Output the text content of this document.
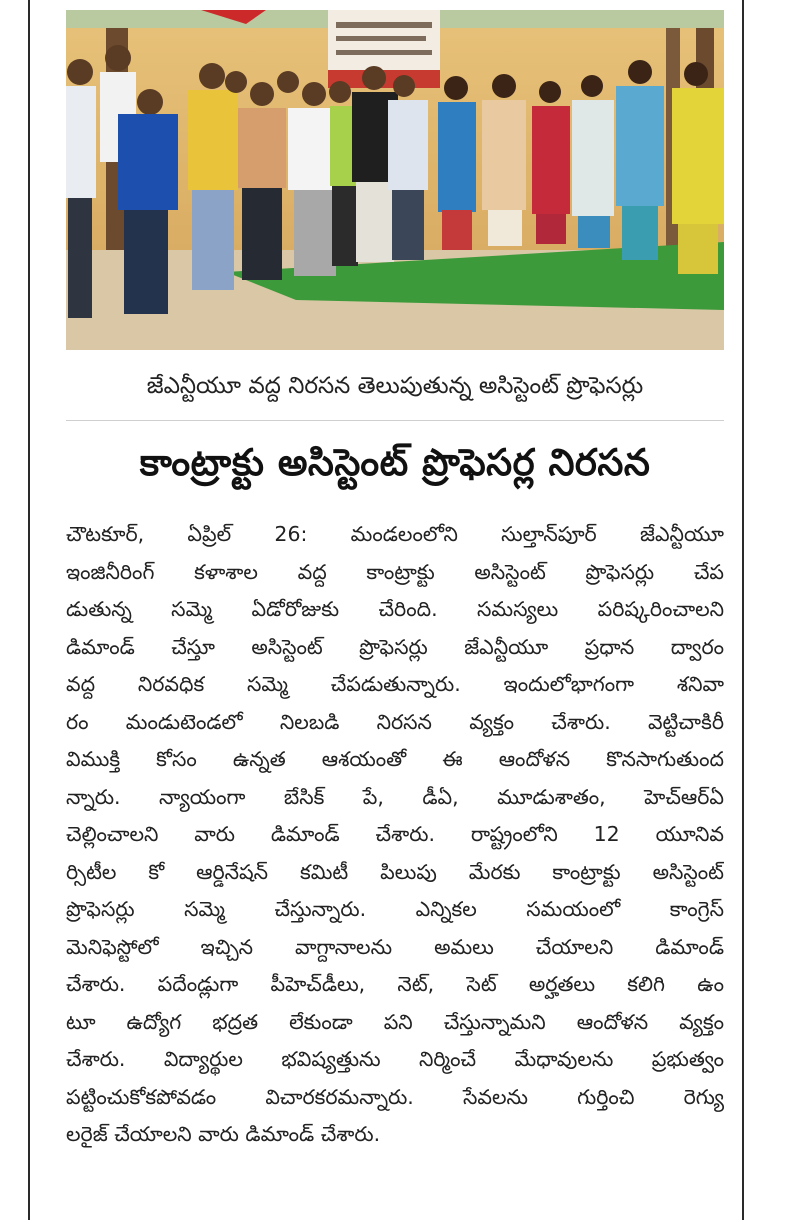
జేఎన్టీయూ వద్ద నిరసన తెలుపుతున్న అసిస్టెంట్ ప్రొఫెసర్లు
కాంట్రాక్టు అసిస్టెంట్ ప్రొఫెసర్ల నిరసన
చౌటకూర్, ఏప్రిల్ 26: మండలంలోని సుల్తాన్‌పూర్ జేఎన్టీయూ
ఇంజినీరింగ్ కళాశాల వద్ద కాంట్రాక్టు అసిస్టెంట్ ప్రొఫెసర్లు చేప
డుతున్న సమ్మె ఏడోరోజుకు చేరింది. సమస్యలు పరిష్కరించాలని
డిమాండ్ చేస్తూ అసిస్టెంట్ ప్రొఫెసర్లు జేఎన్టీయూ ప్రధాన ద్వారం
వద్ద నిరవధిక సమ్మె చేపడుతున్నారు. ఇందులోభాగంగా శనివా
రం మండుటెండలో నిలబడి నిరసన వ్యక్తం చేశారు. వెట్టిచాకిరీ
విముక్తి కోసం ఉన్నత ఆశయంతో ఈ ఆందోళన కొనసాగుతుంద
న్నారు. న్యాయంగా బేసిక్ పే, డీఏ, మూడుశాతం, హెచ్ఆర్ఏ
చెల్లించాలని వారు డిమాండ్ చేశారు. రాష్ట్రంలోని 12 యూనివ
ర్సిటీల కో ఆర్డినేషన్ కమిటీ పిలుపు మేరకు కాంట్రాక్టు అసిస్టెంట్
ప్రొఫెసర్లు సమ్మె చేస్తున్నారు. ఎన్నికల సమయంలో కాంగ్రెస్
మెనిఫెస్టోలో ఇచ్చిన వాగ్దానాలను అమలు చేయాలని డిమాండ్
చేశారు. పదేండ్లుగా పీహెచ్‌డీలు, నెట్, సెట్ అర్హతలు కలిగి ఉం
టూ ఉద్యోగ భద్రత లేకుండా పని చేస్తున్నామని ఆందోళన వ్యక్తం
చేశారు. విద్యార్థుల భవిష్యత్తును నిర్మించే మేధావులను ప్రభుత్వం
పట్టించుకోకపోవడం విచారకరమన్నారు. సేవలను గుర్తించి రెగ్యు
లరైజ్ చేయాలని వారు డిమాండ్ చేశారు.
